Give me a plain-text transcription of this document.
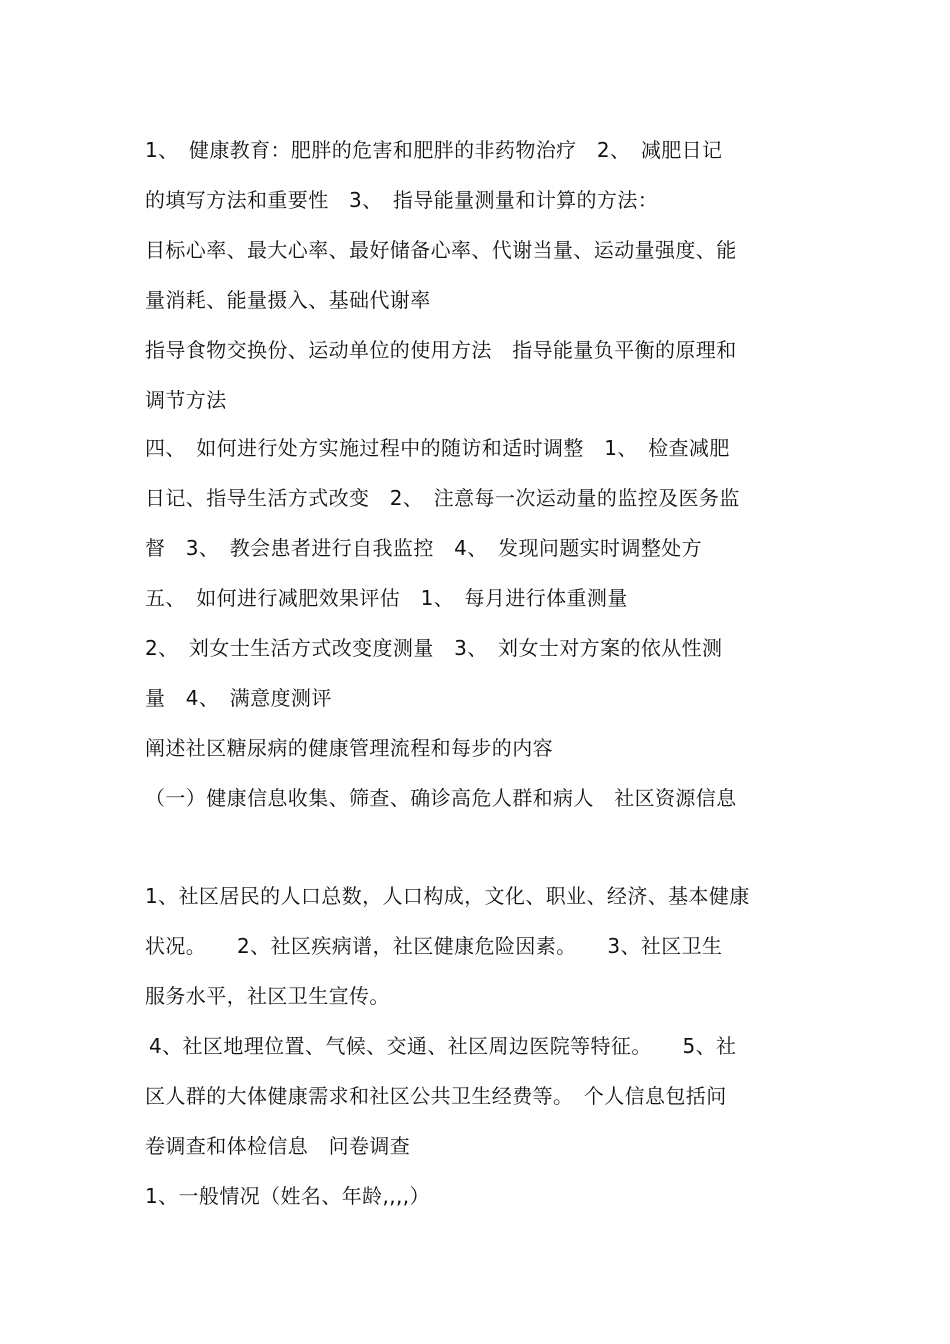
1、　健康教育：肥胖的危害和肥胖的非药物治疗　2、　减肥日记
的填写方法和重要性　3、　指导能量测量和计算的方法：
目标心率、最大心率、最好储备心率、代谢当量、运动量强度、能
量消耗、能量摄入、基础代谢率
指导食物交换份、运动单位的使用方法　指导能量负平衡的原理和
调节方法
四、　如何进行处方实施过程中的随访和适时调整　1、　检查减肥
日记、指导生活方式改变　2、　注意每一次运动量的监控及医务监
督　3、　教会患者进行自我监控　4、　发现问题实时调整处方
五、　如何进行减肥效果评估　1、　每月进行体重测量
2、　刘女士生活方式改变度测量　3、　刘女士对方案的依从性测
量　4、　满意度测评
阐述社区糖尿病的健康管理流程和每步的内容
（一）健康信息收集、筛查、确诊高危人群和病人　社区资源信息
1、社区居民的人口总数，人口构成，文化、职业、经济、基本健康
状况。　　2、社区疾病谱，社区健康危险因素。　　3、社区卫生
服务水平，社区卫生宣传。
4、社区地理位置、气候、交通、社区周边医院等特征。　　5、社
区人群的大体健康需求和社区公共卫生经费等。　个人信息包括问
卷调查和体检信息　问卷调查
1、一般情况（姓名、年龄,,,,）
